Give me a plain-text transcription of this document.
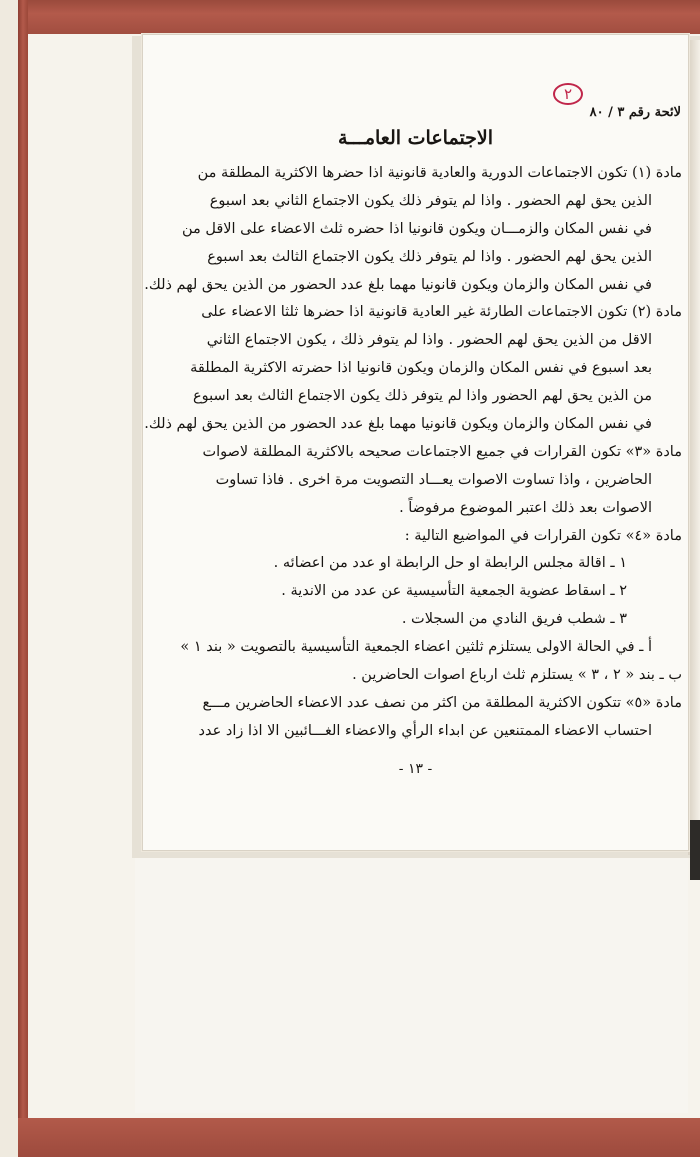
٢
لائحة رقم ٣ / ٨٠
الاجتماعات العامـــة
مادة (١) تكون الاجتماعات الدورية والعادية قانونية اذا حضرها الاكثرية المطلقة من
الذين يحق لهم الحضور . واذا لم يتوفر ذلك يكون الاجتماع الثاني بعد اسبوع
في نفس المكان والزمـــان ويكون قانونيا اذا حضره ثلث الاعضاء على الاقل من
الذين يحق لهم الحضور . واذا لم يتوفر ذلك يكون الاجتماع الثالث بعد اسبوع
في نفس المكان والزمان ويكون قانونيا مهما بلغ عدد الحضور من الذين يحق لهم ذلك.
مادة (٢) تكون الاجتماعات الطارئة غير العادية قانونية اذا حضرها ثلثا الاعضاء على
الاقل من الذين يحق لهم الحضور . واذا لم يتوفر ذلك ، يكون الاجتماع الثاني
بعد اسبوع في نفس المكان والزمان ويكون قانونيا اذا حضرته الاكثرية المطلقة
من الذين يحق لهم الحضور واذا لم يتوفر ذلك يكون الاجتماع الثالث بعد اسبوع
في نفس المكان والزمان ويكون قانونيا مهما بلغ عدد الحضور من الذين يحق لهم ذلك.
مادة «٣» تكون القرارات في جميع الاجتماعات صحيحه بالاكثرية المطلقة لاصوات
الحاضرين ، واذا تساوت الاصوات يعـــاد التصويت مرة اخرى . فاذا تساوت
الاصوات بعد ذلك اعتبر الموضوع مرفوضاً .
مادة «٤» تكون القرارات في المواضيع التالية :
١ ـ اقالة مجلس الرابطة او حل الرابطة او عدد من اعضائه .
٢ ـ اسقاط عضوية الجمعية التأسيسية عن عدد من الاندية .
٣ ـ شطب فريق النادي من السجلات .
أ ـ في الحالة الاولى يستلزم ثلثين اعضاء الجمعية التأسيسية بالتصويت « بند ١ »
ب ـ بند « ٢ ، ٣ » يستلزم ثلث ارباع اصوات الحاضرين .
مادة «٥» تتكون الاكثرية المطلقة من اكثر من نصف عدد الاعضاء الحاضرين مـــع
احتساب الاعضاء الممتنعين عن ابداء الرأي والاعضاء الغـــائبين الا اذا زاد عدد
- ١٣ -
